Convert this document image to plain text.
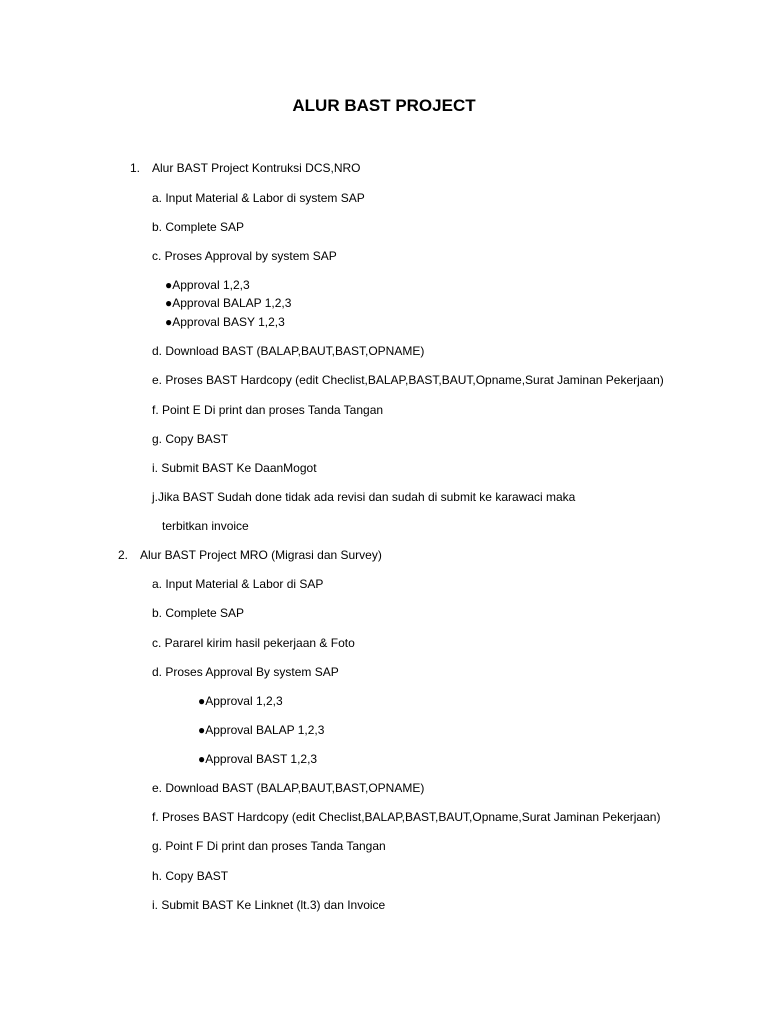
ALUR BAST PROJECT
1. Alur BAST Project Kontruksi DCS,NRO
a. Input Material & Labor di system SAP
b. Complete SAP
c. Proses Approval by system SAP
●Approval 1,2,3
●Approval BALAP 1,2,3
●Approval BASY 1,2,3
d. Download BAST (BALAP,BAUT,BAST,OPNAME)
e. Proses BAST Hardcopy (edit Checlist,BALAP,BAST,BAUT,Opname,Surat Jaminan Pekerjaan)
f. Point E Di print dan proses Tanda Tangan
g. Copy BAST
i. Submit BAST Ke DaanMogot
j.Jika BAST Sudah done tidak ada revisi dan sudah di submit ke karawaci maka
terbitkan invoice
2. Alur BAST Project MRO (Migrasi dan Survey)
a. Input Material & Labor di SAP
b. Complete SAP
c. Pararel kirim hasil pekerjaan & Foto
d. Proses Approval By system SAP
●Approval 1,2,3
●Approval BALAP 1,2,3
●Approval BAST 1,2,3
e. Download BAST (BALAP,BAUT,BAST,OPNAME)
f. Proses BAST Hardcopy (edit Checlist,BALAP,BAST,BAUT,Opname,Surat Jaminan Pekerjaan)
g. Point F Di print dan proses Tanda Tangan
h. Copy BAST
i. Submit BAST Ke Linknet (lt.3) dan Invoice
